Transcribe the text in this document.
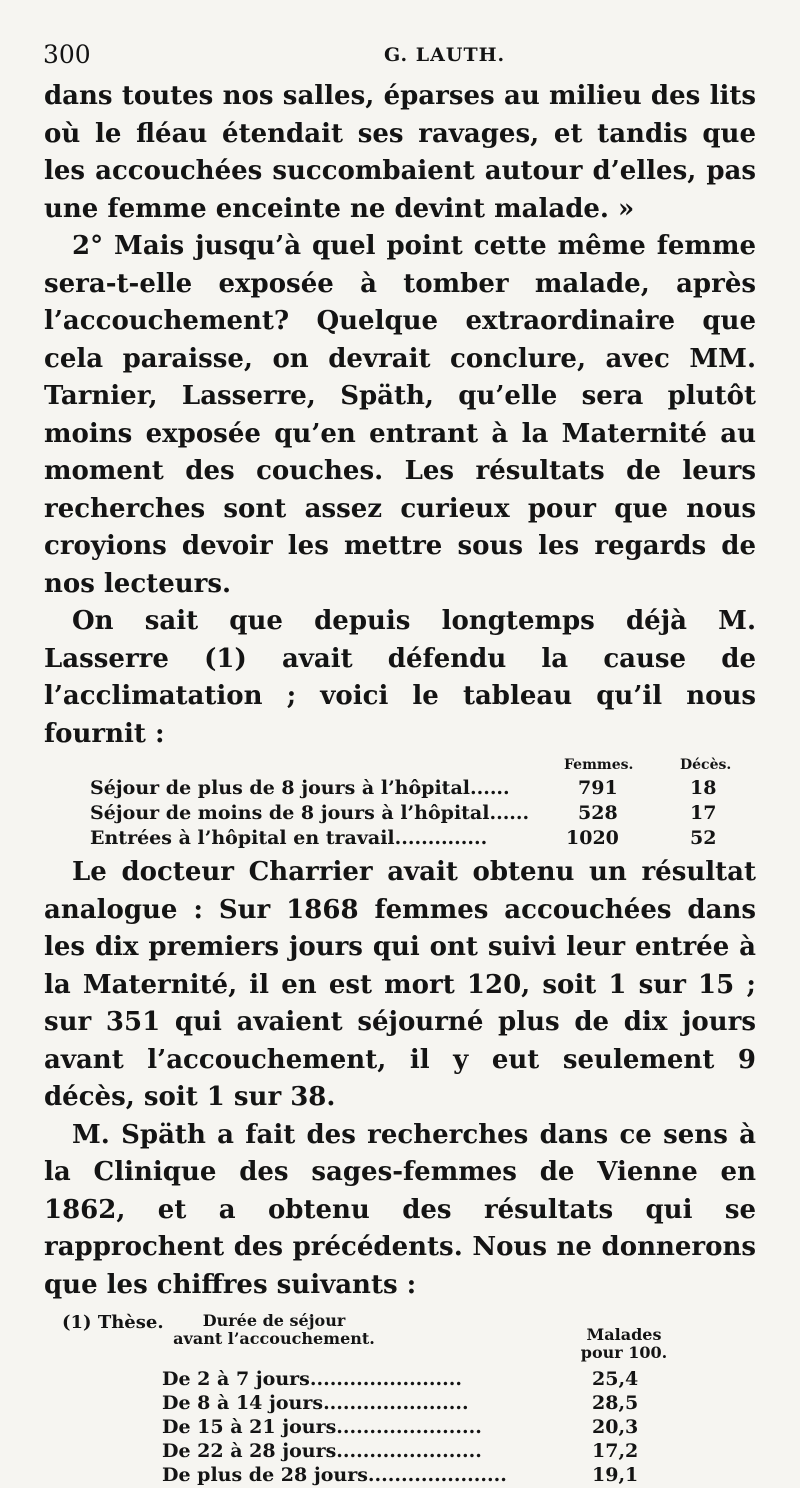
300	G. LAUTH.

dans toutes nos salles, éparses au milieu des lits où le fléau étendait ses ravages, et tandis que les accouchées succombaient autour d’elles, pas une femme enceinte ne devint malade. »

2° Mais jusqu’à quel point cette même femme sera-t-elle exposée à tomber malade, après l’accouchement? Quelque extraordinaire que cela paraisse, on devrait conclure, avec MM. Tarnier, Lasserre, Späth, qu’elle sera plutôt moins exposée qu’en entrant à la Maternité au moment des couches. Les résultats de leurs recherches sont assez curieux pour que nous croyions devoir les mettre sous les regards de nos lecteurs.

On sait que depuis longtemps déjà M. Lasserre (1) avait défendu la cause de l’acclimatation ; voici le tableau qu’il nous fournit :

Femmes.	Décès.
Séjour de plus de 8 jours à l’hôpital......	791	18
Séjour de moins de 8 jours à l’hôpital......	528	17
Entrées à l’hôpital en travail..............	1020	52

Le docteur Charrier avait obtenu un résultat analogue : Sur 1868 femmes accouchées dans les dix premiers jours qui ont suivi leur entrée à la Maternité, il en est mort 120, soit 1 sur 15 ; sur 351 qui avaient séjourné plus de dix jours avant l’accouchement, il y eut seulement 9 décès, soit 1 sur 38.

M. Späth a fait des recherches dans ce sens à la Clinique des sages-femmes de Vienne en 1862, et a obtenu des résultats qui se rapprochent des précédents. Nous ne donnerons que les chiffres suivants :

Durée de séjour
avant l’accouchement.	Malades
pour 100.
De 2 à 7 jours.......................	25,4
De 8 à 14 jours......................	28,5
De 15 à 21 jours......................	20,3
De 22 à 28 jours......................	17,2
De plus de 28 jours.....................	19,1
(1) Thèse.
